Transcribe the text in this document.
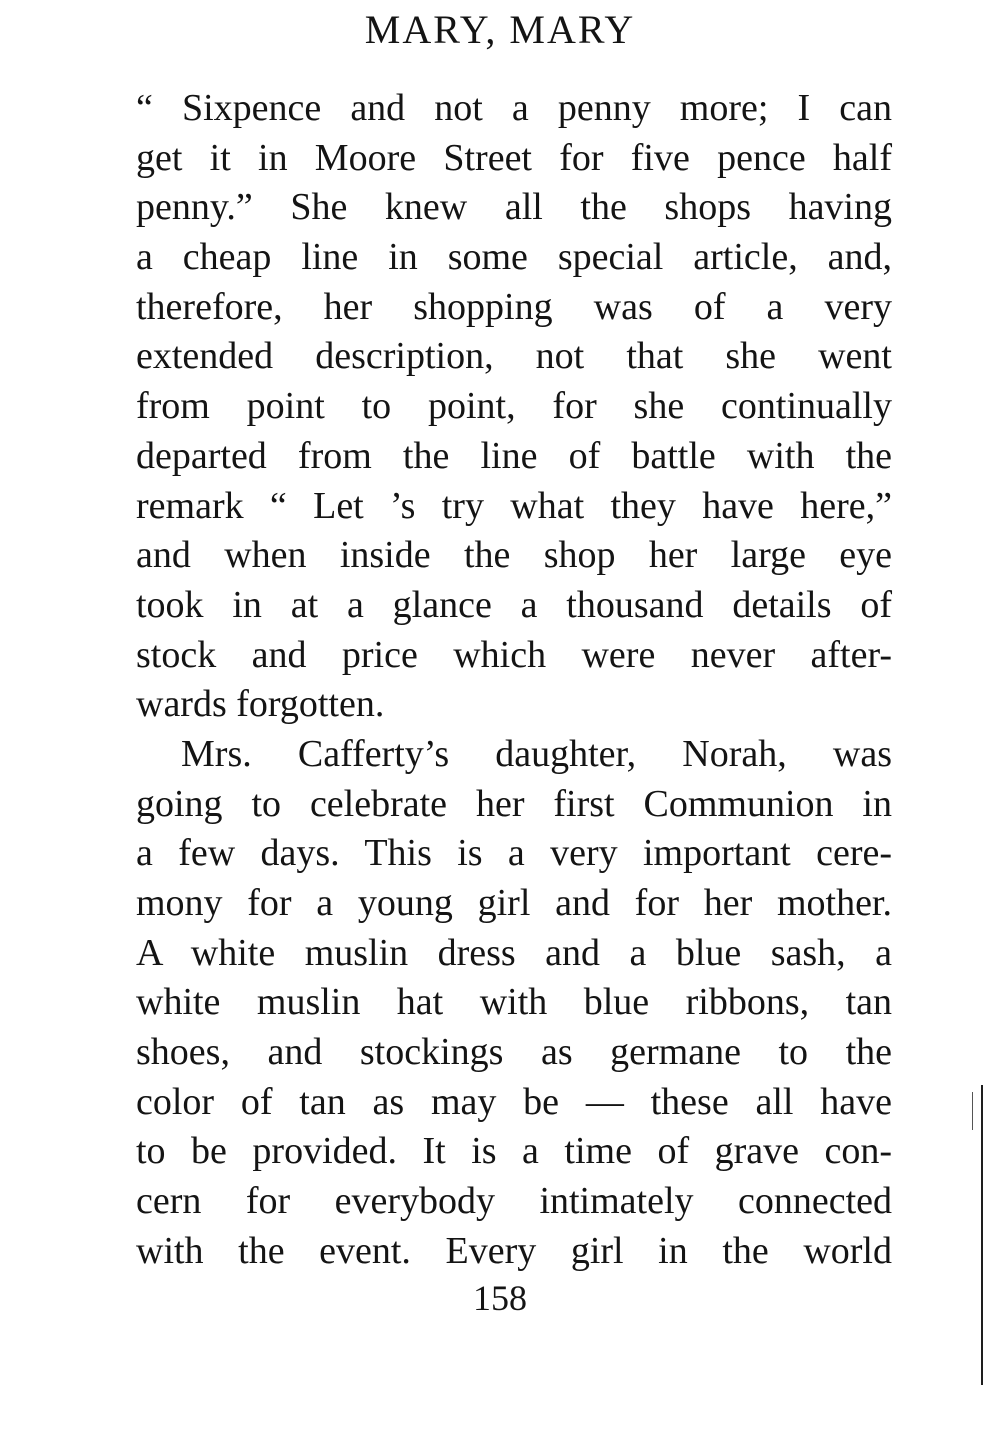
MARY, MARY
“ Sixpence and not a penny more; I can
get it in Moore Street for five pence half
penny.” She knew all the shops having
a cheap line in some special article, and,
therefore, her shopping was of a very
extended description, not that she went
from point to point, for she continually
departed from the line of battle with the
remark “ Let ’s try what they have here,”
and when inside the shop her large eye
took in at a glance a thousand details of
stock and price which were never after-
wards forgotten.
Mrs. Cafferty’s daughter, Norah, was
going to celebrate her first Communion in
a few days. This is a very important cere-
mony for a young girl and for her mother.
A white muslin dress and a blue sash, a
white muslin hat with blue ribbons, tan
shoes, and stockings as germane to the
color of tan as may be — these all have
to be provided. It is a time of grave con-
cern for everybody intimately connected
with the event. Every girl in the world
158
